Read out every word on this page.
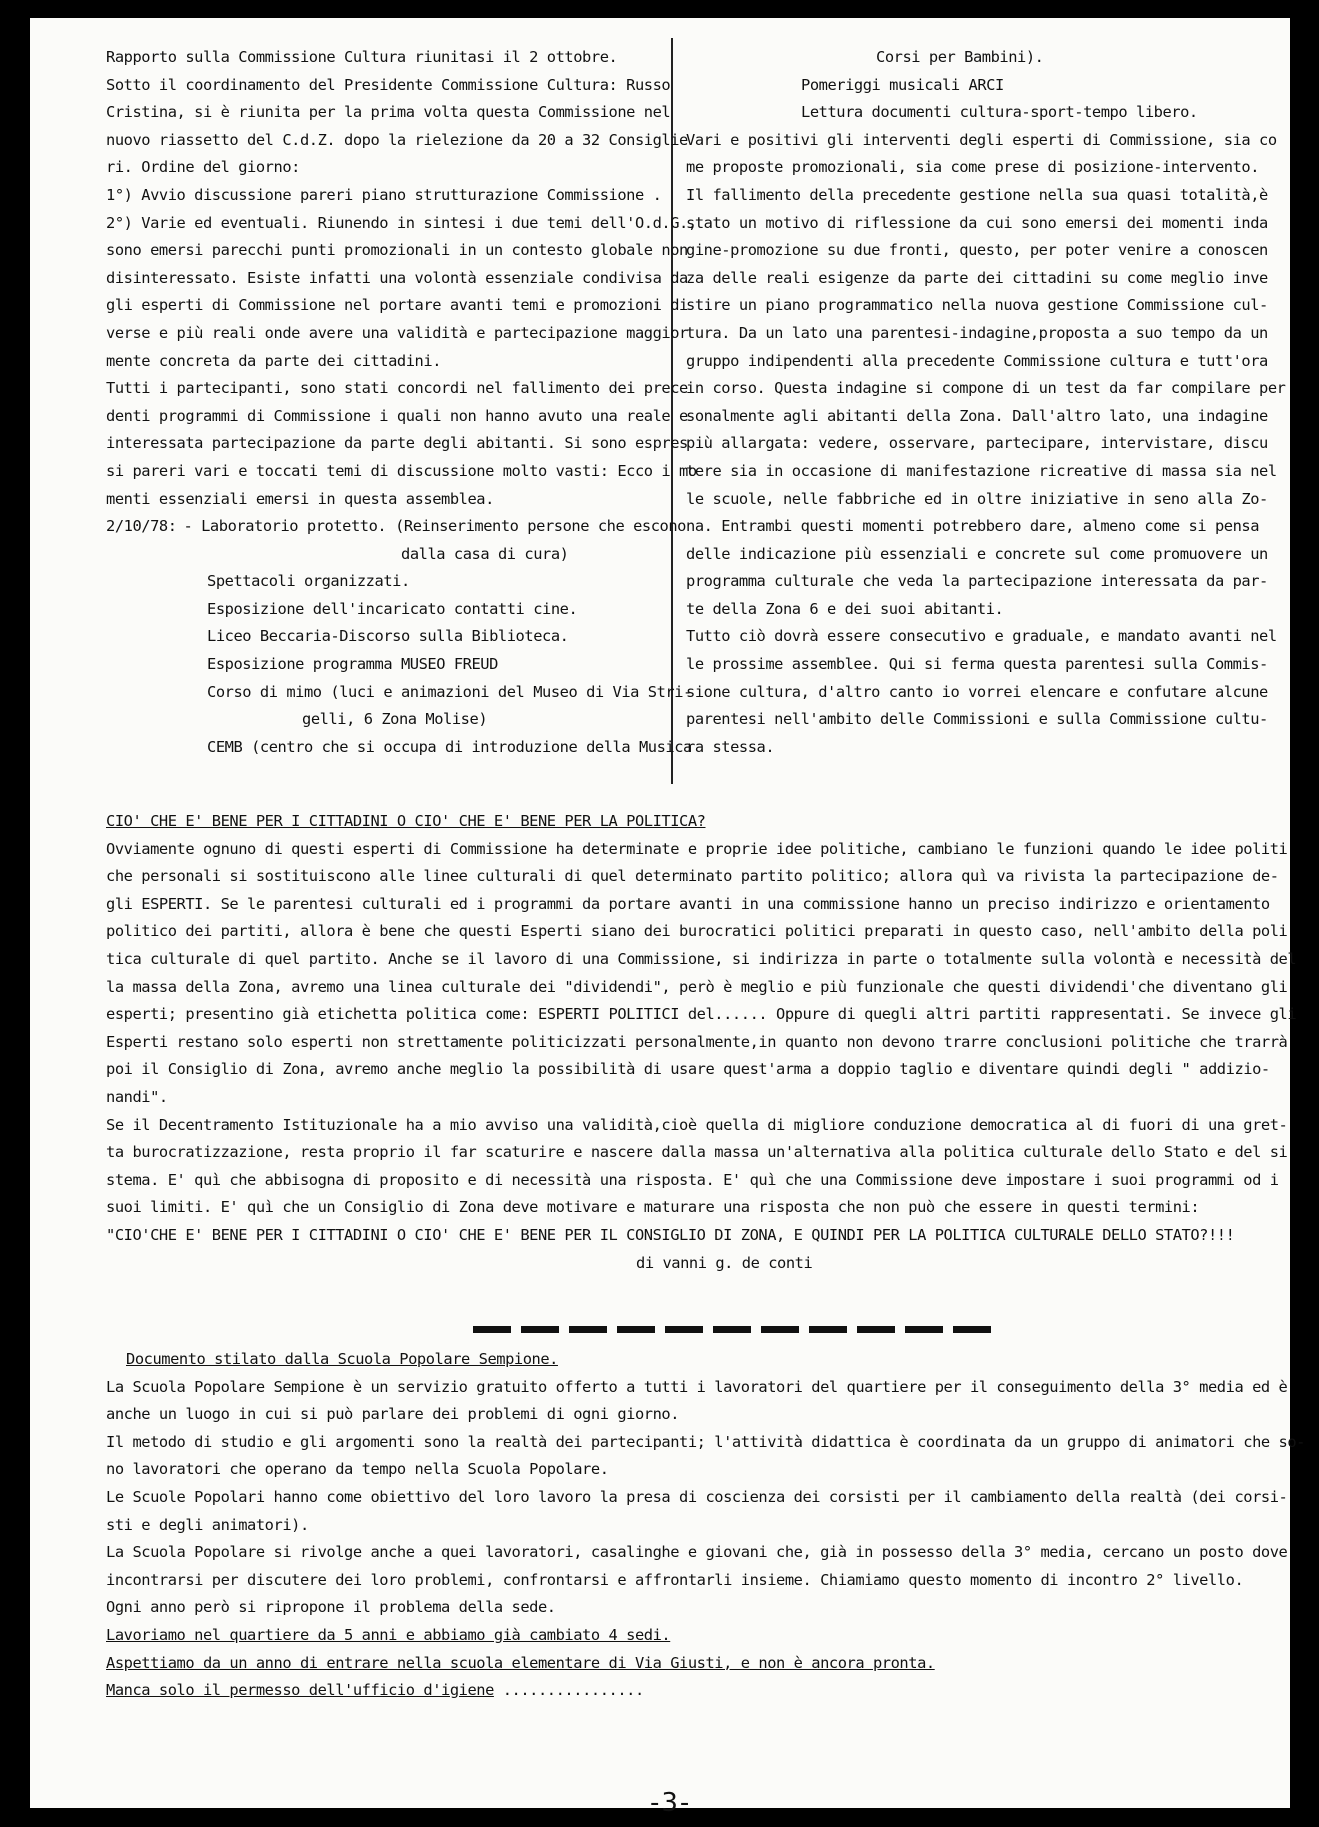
Rapporto sulla Commissione Cultura riunitasi il 2 ottobre.
Sotto il coordinamento del Presidente Commissione Cultura: Russo
Cristina, si è riunita per la prima volta questa Commissione nel
nuovo riassetto del C.d.Z. dopo la rielezione da 20 a 32 Consiglie
ri. Ordine del giorno:
1°) Avvio discussione pareri piano strutturazione Commissione .
2°) Varie ed eventuali. Riunendo in sintesi i due temi dell'O.d.G.,
sono emersi parecchi punti promozionali in un contesto globale non
disinteressato. Esiste infatti una volontà essenziale condivisa da
gli esperti di Commissione nel portare avanti temi e promozioni di
verse e più reali onde avere una validità e partecipazione maggior
mente concreta da parte dei cittadini.
Tutti i partecipanti, sono stati concordi nel fallimento dei prece
denti programmi di Commissione i quali non hanno avuto una reale e
interessata partecipazione da parte degli abitanti. Si sono espres
si pareri vari e toccati temi di discussione molto vasti: Ecco i mo
menti essenziali emersi in questa assemblea.
2/10/78: - Laboratorio protetto. (Reinserimento persone che escono
dalla casa di cura)
Spettacoli organizzati.
Esposizione dell'incaricato contatti cine.
Liceo Beccaria-Discorso sulla Biblioteca.
Esposizione programma MUSEO FREUD
Corso di mimo (luci e animazioni del Museo di Via Stri-
gelli, 6 Zona Molise)
CEMB (centro che si occupa di introduzione della Musica
Corsi per Bambini).
Pomeriggi musicali ARCI
Lettura documenti cultura-sport-tempo libero.
Vari e positivi gli interventi degli esperti di Commissione, sia co
me proposte promozionali, sia come prese di posizione-intervento.
Il fallimento della precedente gestione nella sua quasi totalità,è
stato un motivo di riflessione da cui sono emersi dei momenti inda
gine-promozione su due fronti, questo, per poter venire a conoscen
za delle reali esigenze da parte dei cittadini su come meglio inve
stire un piano programmatico nella nuova gestione Commissione cul-
tura. Da un lato una parentesi-indagine,proposta a suo tempo da un
gruppo indipendenti alla precedente Commissione cultura e tutt'ora
in corso. Questa indagine si compone di un test da far compilare per
sonalmente agli abitanti della Zona. Dall'altro lato, una indagine
più allargata: vedere, osservare, partecipare, intervistare, discu
tere sia in occasione di manifestazione ricreative di massa sia nel
le scuole, nelle fabbriche ed in oltre iniziative in seno alla Zo-
na. Entrambi questi momenti potrebbero dare, almeno come si pensa
delle indicazione più essenziali e concrete sul come promuovere un
programma culturale che veda la partecipazione interessata da par-
te della Zona 6 e dei suoi abitanti.
Tutto ciò dovrà essere consecutivo e graduale, e mandato avanti nel
le prossime assemblee. Qui si ferma questa parentesi sulla Commis-
sione cultura, d'altro canto io vorrei elencare e confutare alcune
parentesi nell'ambito delle Commissioni e sulla Commissione cultu-
ra stessa.
CIO' CHE E' BENE PER I CITTADINI O CIO' CHE E' BENE PER LA POLITICA?
Ovviamente ognuno di questi esperti di Commissione ha determinate e proprie idee politiche, cambiano le funzioni quando le idee politi
che personali si sostituiscono alle linee culturali di quel determinato partito politico; allora quì va rivista la partecipazione de-
gli ESPERTI. Se le parentesi culturali ed i programmi da portare avanti in una commissione hanno un preciso indirizzo e orientamento
politico dei partiti, allora è bene che questi Esperti siano dei burocratici politici preparati in questo caso, nell'ambito della poli
tica culturale di quel partito. Anche se il lavoro di una Commissione, si indirizza in parte o totalmente sulla volontà e necessità del
la massa della Zona, avremo una linea culturale dei "dividendi", però è meglio e più funzionale che questi dividendi'che diventano gli
esperti; presentino già etichetta politica come: ESPERTI POLITICI del...... Oppure di quegli altri partiti rappresentati. Se invece gli
Esperti restano solo esperti non strettamente politicizzati personalmente,in quanto non devono trarre conclusioni politiche che trarrà
poi il Consiglio di Zona, avremo anche meglio la possibilità di usare quest'arma a doppio taglio e diventare quindi degli " addizio-
nandi".
Se il Decentramento Istituzionale ha a mio avviso una validità,cioè quella di migliore conduzione democratica al di fuori di una gret-
ta burocratizzazione, resta proprio il far scaturire e nascere dalla massa un'alternativa alla politica culturale dello Stato e del si
stema. E' quì che abbisogna di proposito e di necessità una risposta. E' quì che una Commissione deve impostare i suoi programmi od i
suoi limiti. E' quì che un Consiglio di Zona deve motivare e maturare una risposta che non può che essere in questi termini:
"CIO'CHE E' BENE PER I CITTADINI O CIO' CHE E' BENE PER IL CONSIGLIO DI ZONA, E QUINDI PER LA POLITICA CULTURALE DELLO STATO?!!!
di vanni g. de conti
Documento stilato dalla Scuola Popolare Sempione.
La Scuola Popolare Sempione è un servizio gratuito offerto a tutti i lavoratori del quartiere per il conseguimento della 3° media ed è
anche un luogo in cui si può parlare dei problemi di ogni giorno.
Il metodo di studio e gli argomenti sono la realtà dei partecipanti; l'attività didattica è coordinata da un gruppo di animatori che so-
no lavoratori che operano da tempo nella Scuola Popolare.
Le Scuole Popolari hanno come obiettivo del loro lavoro la presa di coscienza dei corsisti per il cambiamento della realtà (dei corsi-
sti e degli animatori).
La Scuola Popolare si rivolge anche a quei lavoratori, casalinghe e giovani che, già in possesso della 3° media, cercano un posto dove
incontrarsi per discutere dei loro problemi, confrontarsi e affrontarli insieme. Chiamiamo questo momento di incontro 2° livello.
Ogni anno però si ripropone il problema della sede.
Lavoriamo nel quartiere da 5 anni e abbiamo già cambiato 4 sedi.
Aspettiamo da un anno di entrare nella scuola elementare di Via Giusti, e non è ancora pronta.
Manca solo il permesso dell'ufficio d'igiene ................
-3-
